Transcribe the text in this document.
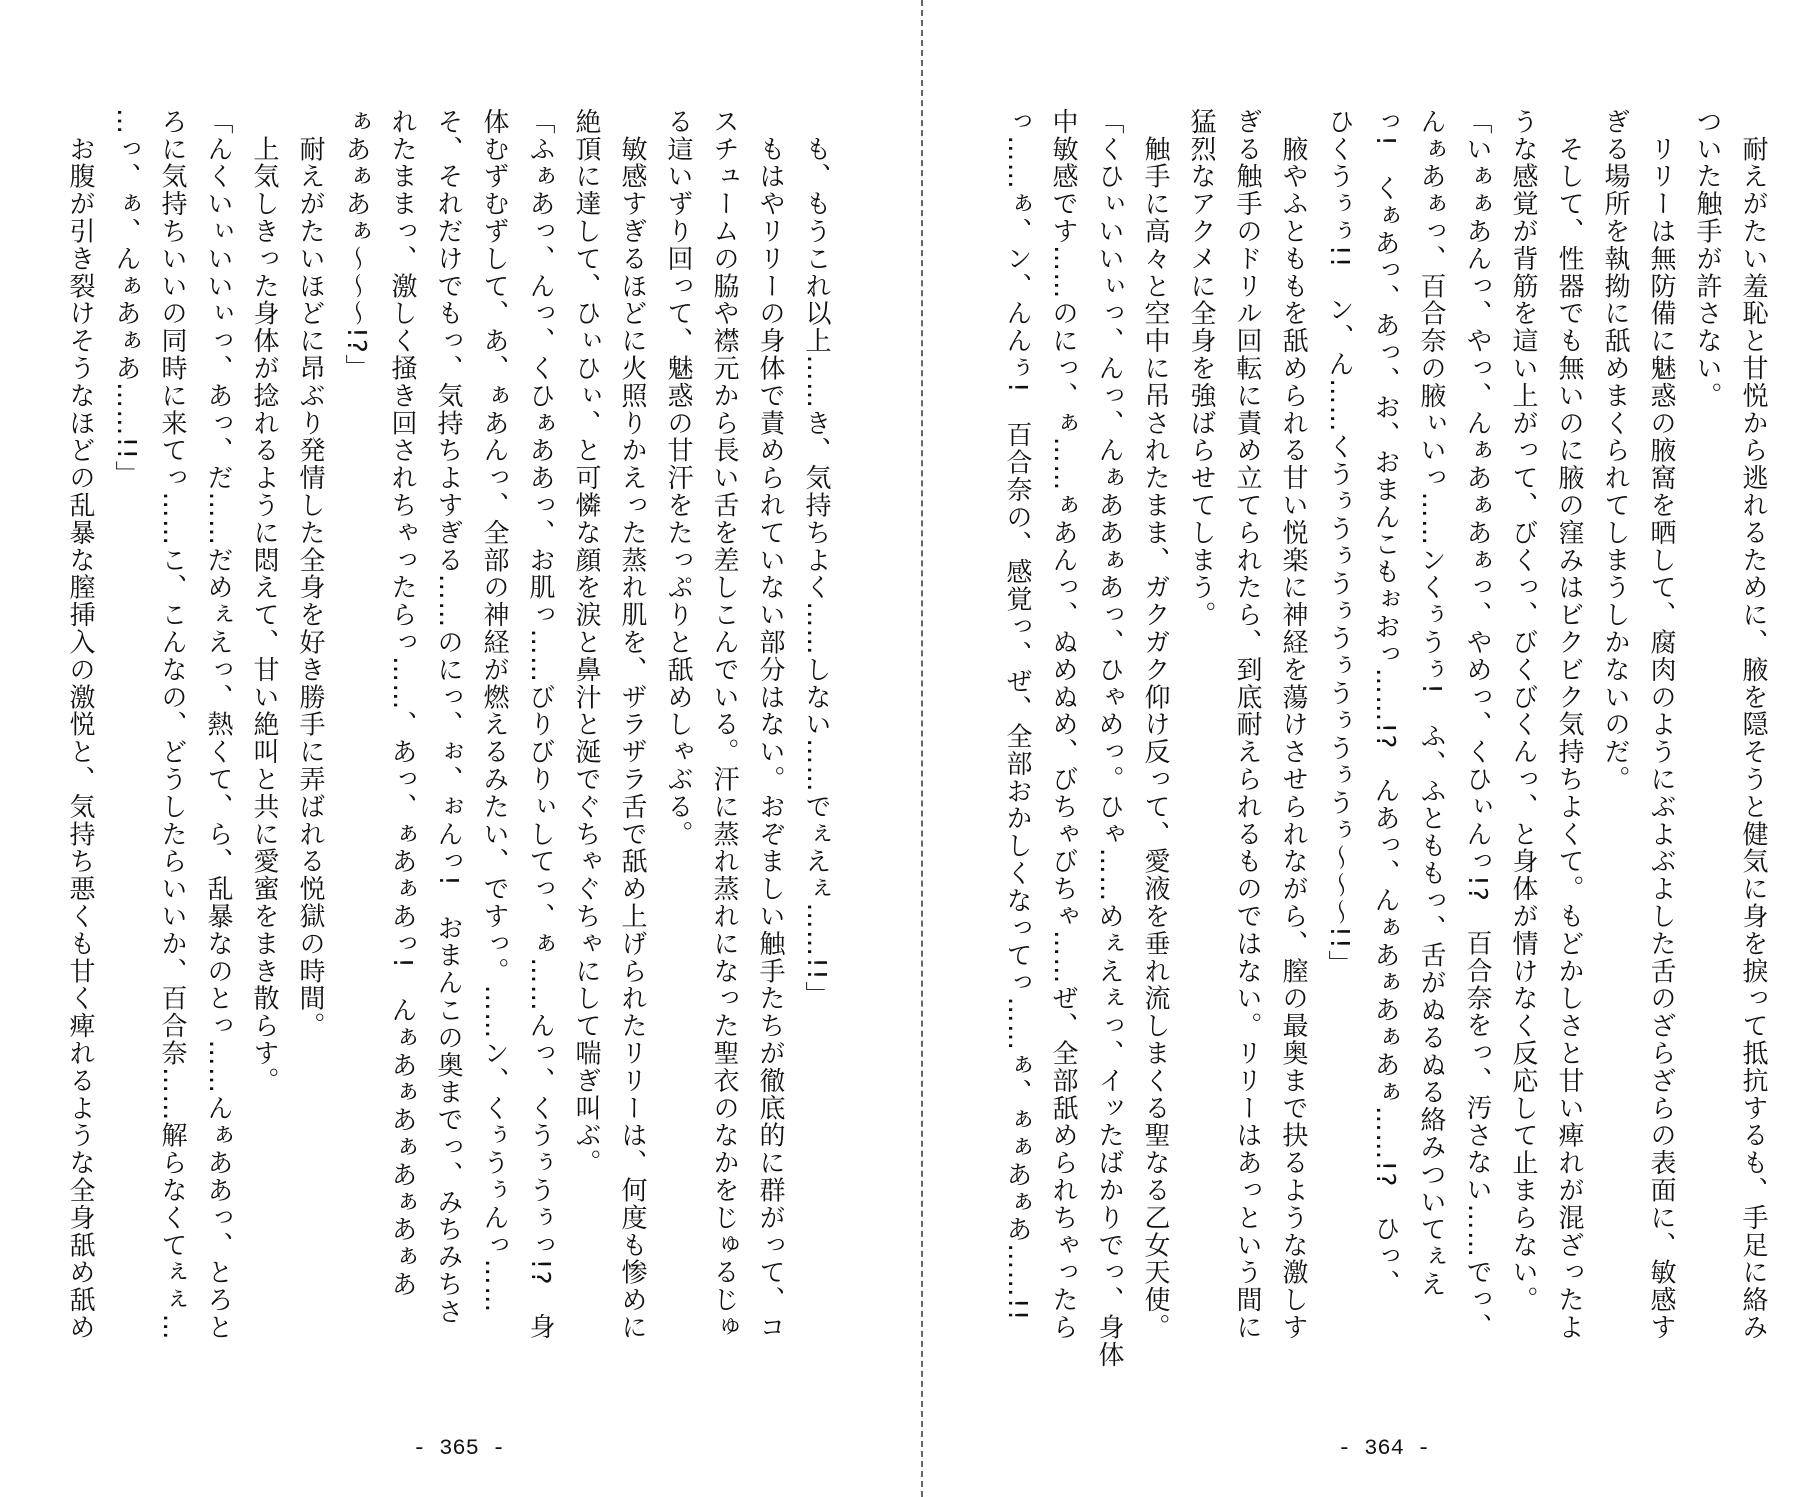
　も、もうこれ以上……き、気持ちよく……しない……でぇえぇ……!!」
　もはやリリーの身体で責められていない部分はない。おぞましい触手たちが徹底的に群がって、コ
スチュームの脇や襟元から長い舌を差しこんでいる。汗に蒸れ蒸れになった聖衣のなかをじゅるじゅ
る這いずり回って、魅惑の甘汗をたっぷりと舐めしゃぶる。
　敏感すぎるほどに火照りかえった蒸れ肌を、ザラザラ舌で舐め上げられたリリーは、何度も惨めに
絶頂に達して、ひぃひぃ、と可憐な顔を涙と鼻汁と涎でぐちゃぐちゃにして喘ぎ叫ぶ。
「ふぁあっ、んっ、くひぁああっ、お肌っ……びりびりぃしてっ、ぁ……んっ、くうぅうぅっ!?　身
体むずむずして、あ、ぁあんっ、全部の神経が燃えるみたい、ですっ。……ン、くぅうぅんっ……
そ、それだけでもっ、気持ちよすぎる……のにっ、ぉ、ぉんっ!　おまんこの奥までっ、みちみちさ
れたままっ、激しく掻き回されちゃったらっ……、あっ、ぁあぁあっ!　んぁあぁあぁあぁあぁあ
ぁあぁあぁ～～～!?」
　耐えがたいほどに昂ぶり発情した全身を好き勝手に弄ばれる悦獄の時間。
　上気しきった身体が捻れるように悶えて、甘い絶叫と共に愛蜜をまき散らす。
「んくいぃいいぃっ、あっ、だ……だめぇえっ、熱くて、ら、乱暴なのとっ……んぁああっ、とろと
ろに気持ちいいの同時に来てっ……こ、こんなの、どうしたらいいか、百合奈……解らなくてぇぇ…
…っ、ぁ、んぁあぁあ……!!」
　お腹が引き裂けそうなほどの乱暴な膣挿入の激悦と、気持ち悪くも甘く痺れるような全身舐め舐め
- 365 -
　耐えがたい羞恥と甘悦から逃れるために、腋を隠そうと健気に身を捩って抵抗するも、手足に絡み
ついた触手が許さない。
　リリーは無防備に魅惑の腋窩を晒して、腐肉のようにぶよぶよした舌のざらざらの表面に、敏感す
ぎる場所を執拗に舐めまくられてしまうしかないのだ。
　そして、性器でも無いのに腋の窪みはビクビク気持ちよくて。もどかしさと甘い痺れが混ざったよ
うな感覚が背筋を這い上がって、びくっ、びくびくんっ、と身体が情けなく反応して止まらない。
「いぁぁあんっ、やっ、んぁあぁあぁっ、やめっ、くひぃんっ!?　百合奈をっ、汚さない……でっ、
んぁあぁっ、百合奈の腋ぃいっ……ンくぅうぅ!　ふ、ふとももっ、舌がぬるぬる絡みついてぇえ
っ!　くぁあっ、あっ、お、おまんこもぉおっ……!?　んあっ、んぁあぁあぁあぁ……!?　ひっ、
ひくうぅぅ!!　ン、ん……くうぅうぅうぅうぅうぅうぅうぅ～～～!!」
　腋やふとももを舐められる甘い悦楽に神経を蕩けさせられながら、膣の最奥まで抉るような激しす
ぎる触手のドリル回転に責め立てられたら、到底耐えられるものではない。リリーはあっという間に
猛烈なアクメに全身を強ばらせてしまう。
　触手に高々と空中に吊されたまま、ガクガク仰け反って、愛液を垂れ流しまくる聖なる乙女天使。
「くひぃいいぃっ、んっ、んぁああぁあっ、ひゃめっ。ひゃ……めぇえぇっ、イッたばかりでっ、身体
中敏感です……のにっ、ぁ……ぁあんっ、ぬめぬめ、びちゃびちゃ……ぜ、全部舐められちゃったら
っ……ぁ、ン、んんぅ!　百合奈の、感覚っ、ぜ、全部おかしくなってっ……ぁ、ぁぁあぁあ……!!
- 364 -
